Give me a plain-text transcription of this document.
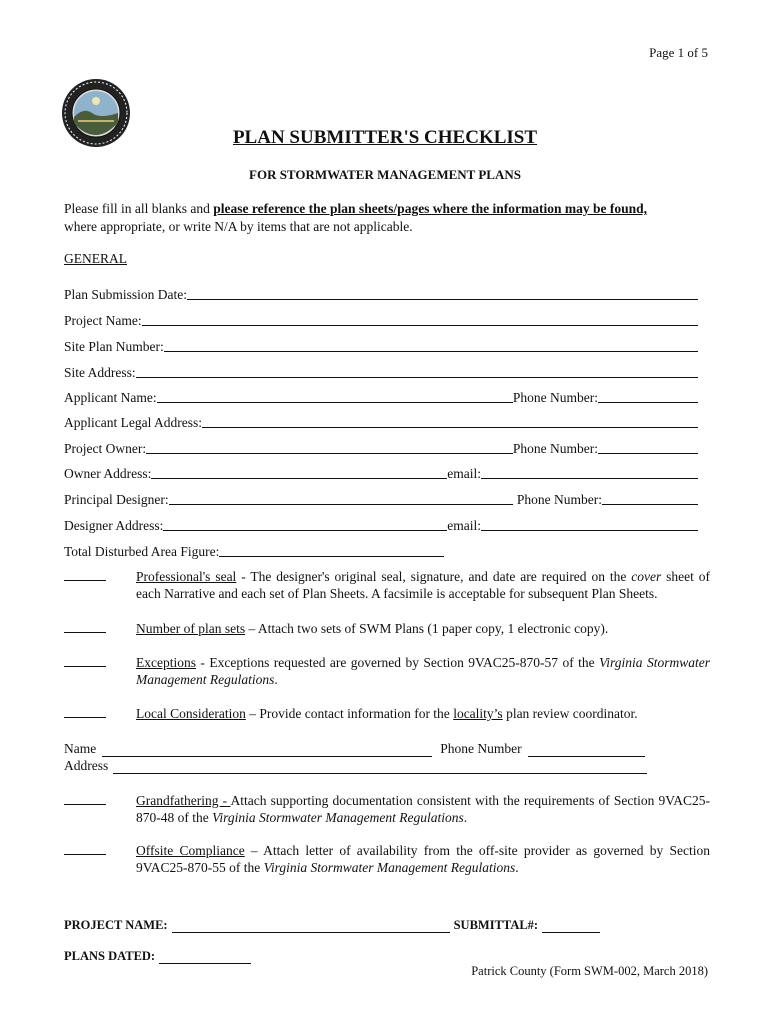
Page 1 of 5
PLAN SUBMITTER'S CHECKLIST
FOR STORMWATER MANAGEMENT PLANS
Please fill in all blanks and please reference the plan sheets/pages where the information may be found,
where appropriate, or write N/A by items that are not applicable.
GENERAL
Plan Submission Date:
Project Name:
Site Plan Number:
Site Address:
Applicant Name:	Phone Number:
Applicant Legal Address:
Project Owner:	Phone Number:
Owner Address:	email:
Principal Designer:	Phone Number:
Designer Address:	email:
Total Disturbed Area Figure:
Professional's seal - The designer's original seal, signature, and date are required on the cover sheet of each Narrative and each set of Plan Sheets. A facsimile is acceptable for subsequent Plan Sheets.
Number of plan sets – Attach two sets of SWM Plans (1 paper copy, 1 electronic copy).
Exceptions - Exceptions requested are governed by Section 9VAC25-870-57 of the Virginia Stormwater Management Regulations.
Local Consideration – Provide contact information for the locality’s plan review coordinator.
Name	Phone Number
Address
Grandfathering - Attach supporting documentation consistent with the requirements of Section 9VAC25-870-48 of the Virginia Stormwater Management Regulations.
Offsite Compliance – Attach letter of availability from the off-site provider as governed by Section 9VAC25-870-55 of the Virginia Stormwater Management Regulations.
PROJECT NAME:	SUBMITTAL#:
PLANS DATED:
Patrick County (Form SWM-002, March 2018)
